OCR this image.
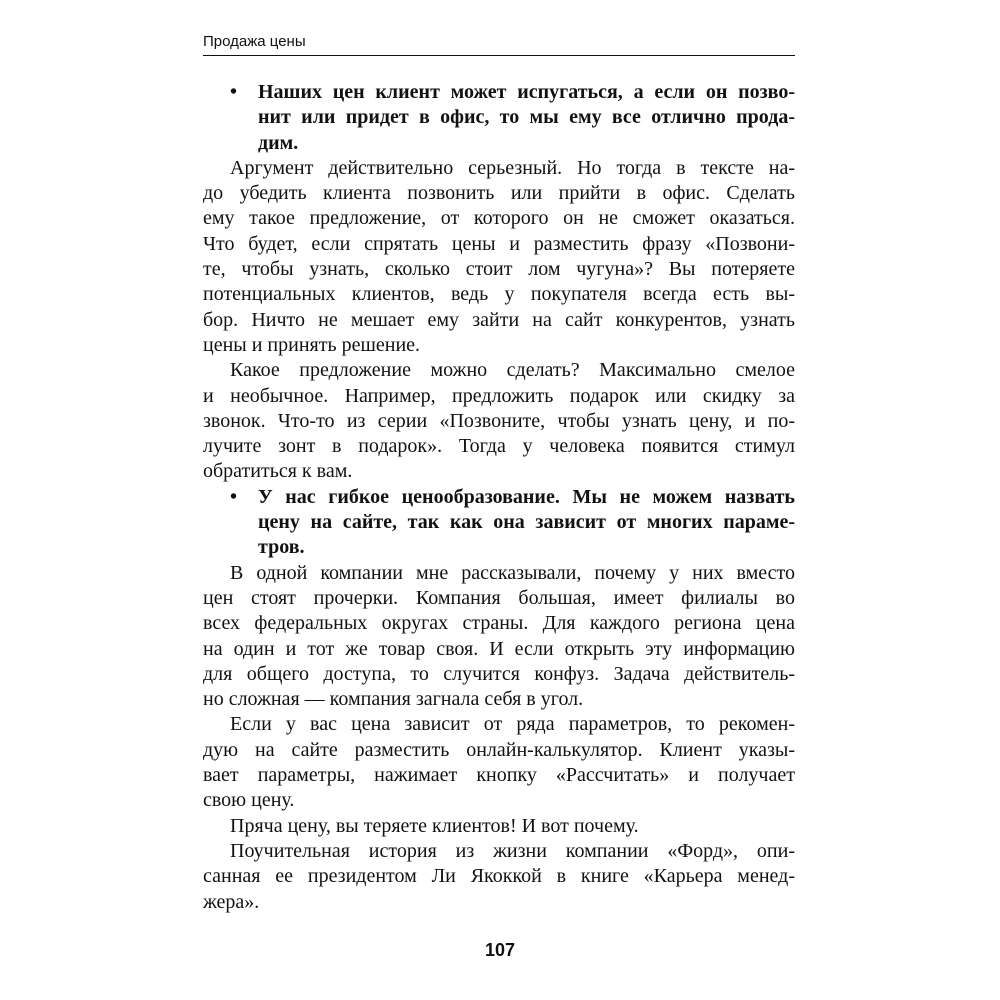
Продажа цены
• Наших цен клиент может испугаться, а если он позво-
нит или придет в офис, то мы ему все отлично прода-
дим.
Аргумент действительно серьезный. Но тогда в тексте на-
до убедить клиента позвонить или прийти в офис. Сделать
ему такое предложение, от которого он не сможет оказаться.
Что будет, если спрятать цены и разместить фразу «Позвони-
те, чтобы узнать, сколько стоит лом чугуна»? Вы потеряете
потенциальных клиентов, ведь у покупателя всегда есть вы-
бор. Ничто не мешает ему зайти на сайт конкурентов, узнать
цены и принять решение.
Какое предложение можно сделать? Максимально смелое
и необычное. Например, предложить подарок или скидку за
звонок. Что-то из серии «Позвоните, чтобы узнать цену, и по-
лучите зонт в подарок». Тогда у человека появится стимул
обратиться к вам.
• У нас гибкое ценообразование. Мы не можем назвать
цену на сайте, так как она зависит от многих параме-
тров.
В одной компании мне рассказывали, почему у них вместо
цен стоят прочерки. Компания большая, имеет филиалы во
всех федеральных округах страны. Для каждого региона цена
на один и тот же товар своя. И если открыть эту информацию
для общего доступа, то случится конфуз. Задача действитель-
но сложная — компания загнала себя в угол.
Если у вас цена зависит от ряда параметров, то рекомен-
дую на сайте разместить онлайн-калькулятор. Клиент указы-
вает параметры, нажимает кнопку «Рассчитать» и получает
свою цену.
Пряча цену, вы теряете клиентов! И вот почему.
Поучительная история из жизни компании «Форд», опи-
санная ее президентом Ли Якоккой в книге «Карьера менед-
жера».
107
